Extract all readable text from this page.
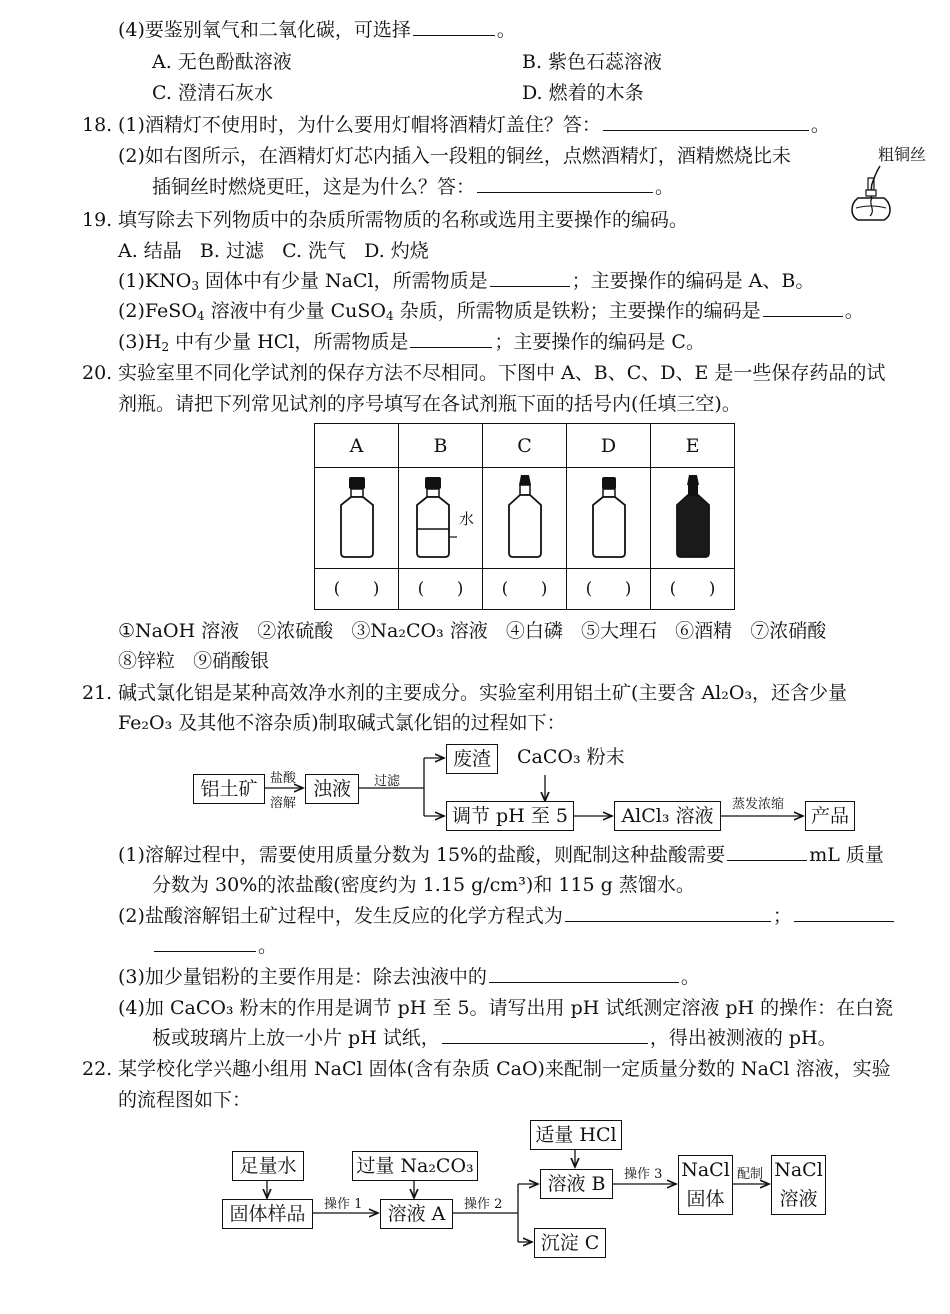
(4)要鉴别氧气和二氧化碳，可选择	。
A. 无色酚酞溶液	B. 紫色石蕊溶液
C. 澄清石灰水	D. 燃着的木条
18. (1)酒精灯不使用时，为什么要用灯帽将酒精灯盖住？答：	。
(2)如右图所示，在酒精灯灯芯内插入一段粗的铜丝，点燃酒精灯，酒精燃烧比未
插铜丝时燃烧更旺，这是为什么？答：	。
粗铜丝
19. 填写除去下列物质中的杂质所需物质的名称或选用主要操作的编码。
A. 结晶   B. 过滤   C. 洗气   D. 灼烧
$(1)KNO_3$ 固体中有少量 NaCl，所需物质是	；主要操作的编码是 A、B。
(2)FeSO$_4$ 溶液中有少量 CuSO$_4$ 杂质，所需物质是铁粉；主要操作的编码是	。
$(3)H_2$ 中有少量 HCl，所需物质是	；主要操作的编码是 C。
20. 实验室里不同化学试剂的保存方法不尽相同。下图中 A、B、C、D、E 是一些保存药品的试
剂瓶。请把下列常见试剂的序号填写在各试剂瓶下面的括号内(任填三空)。
A	B	C	D	E

水

(      )	(      )	(      )	(      )	(      )
①NaOH 溶液   ②浓硫酸   ③Na₂CO₃ 溶液   ④白磷   ⑤大理石   ⑥酒精   ⑦浓硝酸
⑧锌粒   ⑨硝酸银
21. 碱式氯化铝是某种高效净水剂的主要成分。实验室利用铝土矿(主要含 Al₂O₃，还含少量
Fe₂O₃ 及其他不溶杂质)制取碱式氯化铝的过程如下：
铝土矿 盐酸
溶解
浊液	过滤
废渣	CaCO₃ 粉末
调节 pH 至 5	AlCl₃ 溶液
蒸发浓缩
产品
(1)溶解过程中，需要使用质量分数为 15%的盐酸，则配制这种盐酸需要	mL 质量
分数为 30%的浓盐酸(密度约为 1.15 g/cm³)和 115 g 蒸馏水。
(2)盐酸溶解铝土矿过程中，发生反应的化学方程式为	；
。
(3)加少量铝粉的主要作用是：除去浊液中的	。
(4)加 CaCO₃ 粉末的作用是调节 pH 至 5。请写出用 pH 试纸测定溶液 pH 的操作：在白瓷
板或玻璃片上放一小片 pH 试纸，	，得出被测液的 pH。
22. 某学校化学兴趣小组用 NaCl 固体(含有杂质 CaO)来配制一定质量分数的 NaCl 溶液，实验
的流程图如下：
足量水	过量 Na₂CO₃
适量 HCl
固体样品	操作 1	溶液 A	操作 2
溶液 B
沉淀 C
操作 3 NaCl
固体
配制 NaCl
溶液
